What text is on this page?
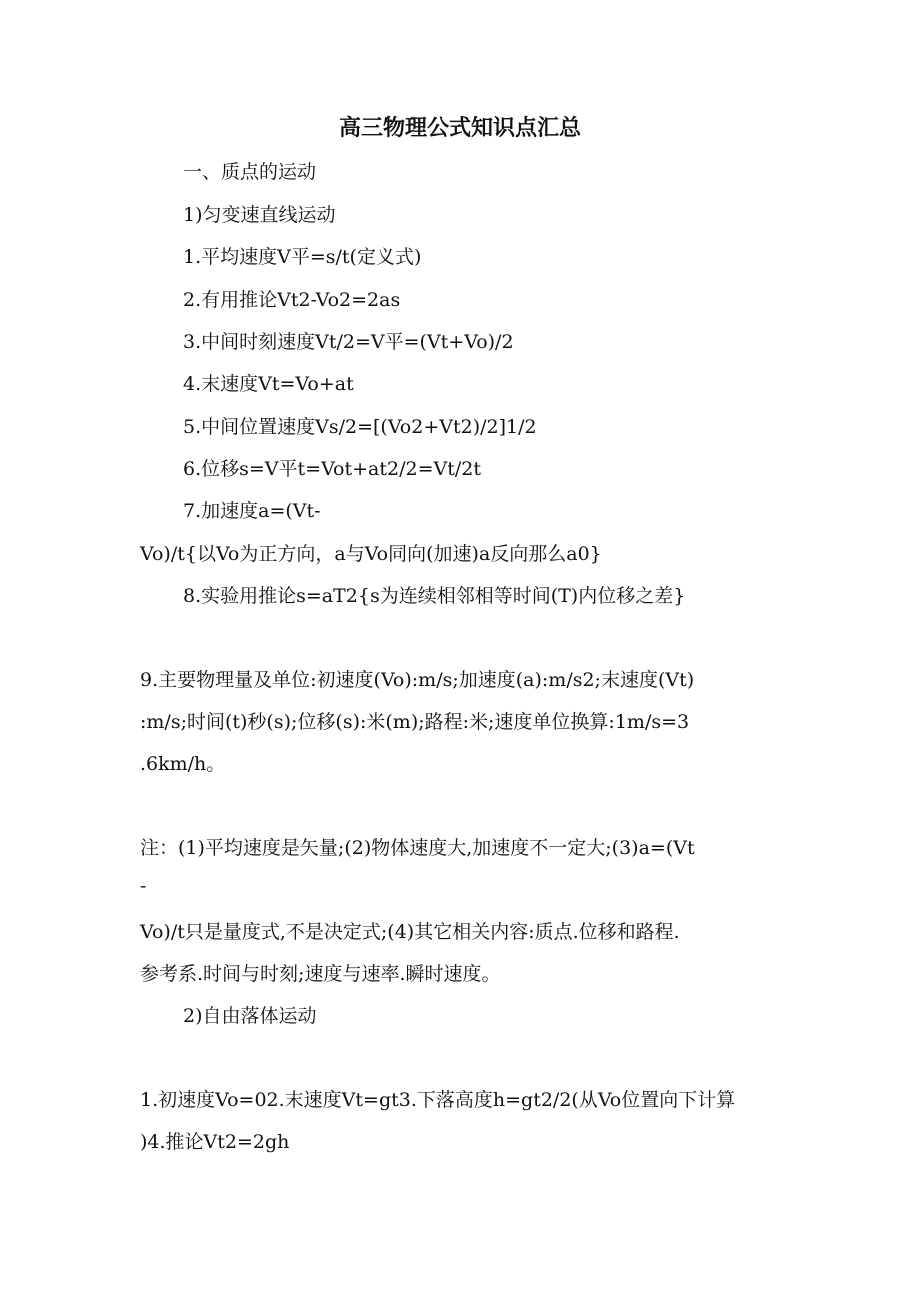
高三物理公式知识点汇总
一、质点的运动
1)匀变速直线运动
1.平均速度V平=s/t(定义式)
2.有用推论Vt2-Vo2=2as
3.中间时刻速度Vt/2=V平=(Vt+Vo)/2
4.末速度Vt=Vo+at
5.中间位置速度Vs/2=[(Vo2+Vt2)/2]1/2
6.位移s=V平t=Vot+at2/2=Vt/2t
7.加速度a=(Vt-
Vo)/t{以Vo为正方向，a与Vo同向(加速)a反向那么a0}
8.实验用推论s=aT2{s为连续相邻相等时间(T)内位移之差}
9.主要物理量及单位:初速度(Vo):m/s;加速度(a):m/s2;末速度(Vt)
:m/s;时间(t)秒(s);位移(s):米(m);路程:米;速度单位换算:1m/s=3
.6km/h。
注：(1)平均速度是矢量;(2)物体速度大,加速度不一定大;(3)a=(Vt
-
Vo)/t只是量度式,不是决定式;(4)其它相关内容:质点.位移和路程.
参考系.时间与时刻;速度与速率.瞬时速度。
2)自由落体运动
1.初速度Vo=02.末速度Vt=gt3.下落高度h=gt2/2(从Vo位置向下计算
)4.推论Vt2=2gh
